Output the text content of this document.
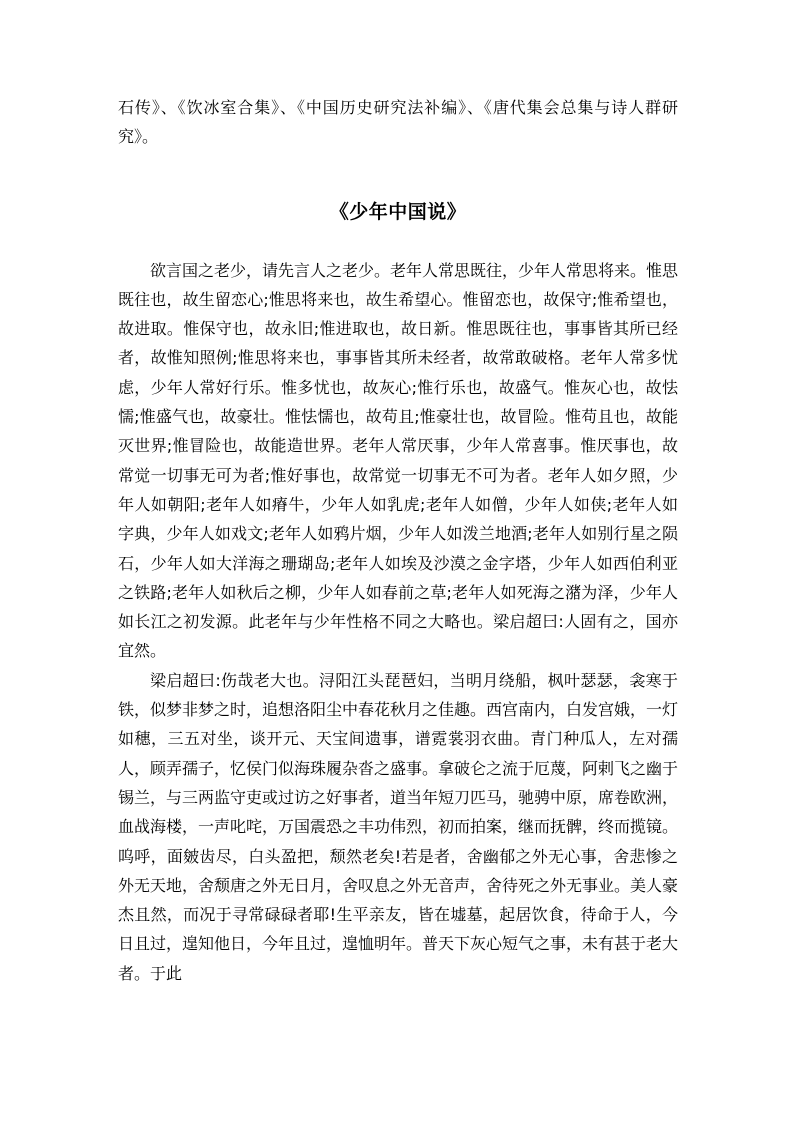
石传》、《饮冰室合集》、《中国历史研究法补编》、《唐代集会总集与诗人群研究》。

《少年中国说》

欲言国之老少，请先言人之老少。老年人常思既往，少年人常思将来。惟思既往也，故生留恋心;惟思将来也，故生希望心。惟留恋也，故保守;惟希望也，故进取。惟保守也，故永旧;惟进取也，故日新。惟思既往也，事事皆其所已经者，故惟知照例;惟思将来也，事事皆其所未经者，故常敢破格。老年人常多忧虑，少年人常好行乐。惟多忧也，故灰心;惟行乐也，故盛气。惟灰心也，故怯懦;惟盛气也，故豪壮。惟怯懦也，故苟且;惟豪壮也，故冒险。惟苟且也，故能灭世界;惟冒险也，故能造世界。老年人常厌事，少年人常喜事。惟厌事也，故常觉一切事无可为者;惟好事也，故常觉一切事无不可为者。老年人如夕照，少年人如朝阳;老年人如瘠牛，少年人如乳虎;老年人如僧，少年人如侠;老年人如字典，少年人如戏文;老年人如鸦片烟，少年人如泼兰地酒;老年人如别行星之陨石，少年人如大洋海之珊瑚岛;老年人如埃及沙漠之金字塔，少年人如西伯利亚之铁路;老年人如秋后之柳，少年人如春前之草;老年人如死海之潴为泽，少年人如长江之初发源。此老年与少年性格不同之大略也。梁启超曰:人固有之，国亦宜然。

梁启超曰:伤哉老大也。浔阳江头琵琶妇，当明月绕船，枫叶瑟瑟，衾寒于铁，似梦非梦之时，追想洛阳尘中春花秋月之佳趣。西宫南内，白发宫娥，一灯如穗，三五对坐，谈开元、天宝间遗事，谱霓裳羽衣曲。青门种瓜人，左对孺人，顾弄孺子，忆侯门似海珠履杂沓之盛事。拿破仑之流于厄蔑，阿剌飞之幽于锡兰，与三两监守吏或过访之好事者，道当年短刀匹马，驰骋中原，席卷欧洲，血战海楼，一声叱咤，万国震恐之丰功伟烈，初而拍案，继而抚髀，终而揽镜。呜呼，面皴齿尽，白头盈把，颓然老矣!若是者，舍幽郁之外无心事，舍悲惨之外无天地，舍颓唐之外无日月，舍叹息之外无音声，舍待死之外无事业。美人豪杰且然，而况于寻常碌碌者耶!生平亲友，皆在墟墓，起居饮食，待命于人，今日且过，遑知他日，今年且过，遑恤明年。普天下灰心短气之事，未有甚于老大者。于此
